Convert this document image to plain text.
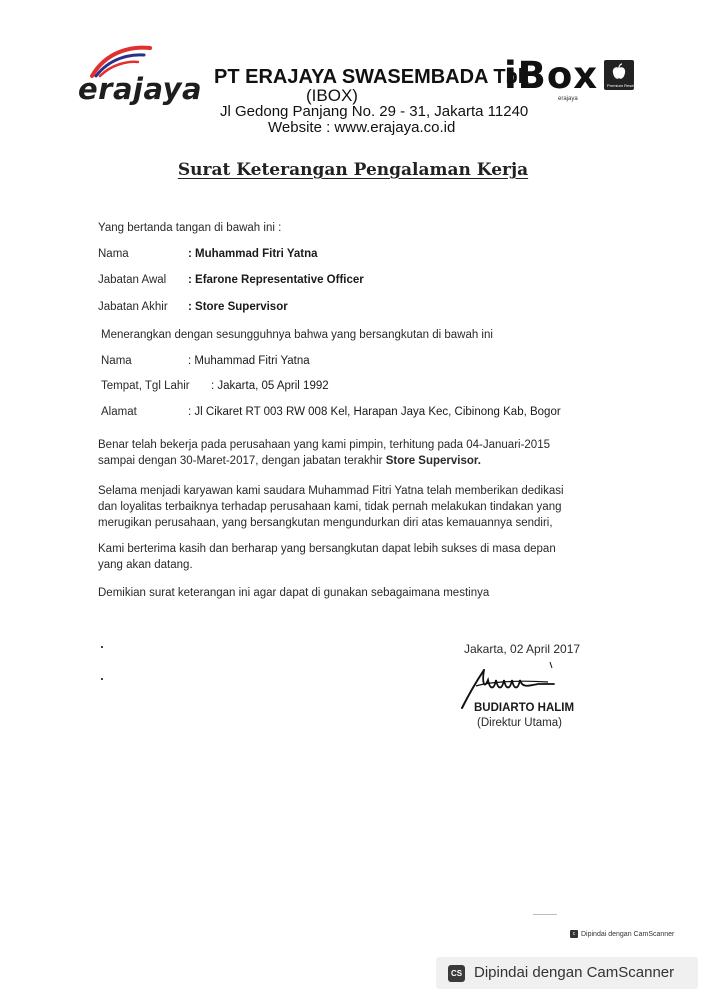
erajaya PT ERAJAYA SWASEMBADA Tbk
(IBOX)
Jl Gedong Panjang No. 29 - 31, Jakarta 11240
Website : www.erajaya.co.id
iBox
erajaya
Premium Reseller
Surat Keterangan Pengalaman Kerja
Yang bertanda tangan di bawah ini :
Nama	: Muhammad Fitri Yatna
Jabatan Awal : Efarone Representative Officer
Jabatan Akhir : Store Supervisor
Menerangkan dengan sesungguhnya bahwa yang bersangkutan di bawah ini
Nama	: Muhammad Fitri Yatna
Tempat, Tgl Lahir : Jakarta, 05 April 1992
Alamat	: Jl Cikaret RT 003 RW 008 Kel, Harapan Jaya Kec, Cibinong Kab, Bogor
Benar telah bekerja pada perusahaan yang kami pimpin, terhitung pada 04-Januari-2015
sampai dengan 30-Maret-2017, dengan jabatan terakhir Store Supervisor.
Selama menjadi karyawan kami saudara Muhammad Fitri Yatna telah memberikan dedikasi
dan loyalitas terbaiknya terhadap perusahaan kami, tidak pernah melakukan tindakan yang
merugikan perusahaan, yang bersangkutan mengundurkan diri atas kemauannya sendiri,
Kami berterima kasih dan berharap yang bersangkutan dapat lebih sukses di masa depan
yang akan datang.
Demikian surat keterangan ini agar dapat di gunakan sebagaimana mestinya
Jakarta, 02 April 2017
BUDIARTO HALIM
(Direktur Utama)
c Dipindai dengan CamScanner
CS Dipindai dengan CamScanner
